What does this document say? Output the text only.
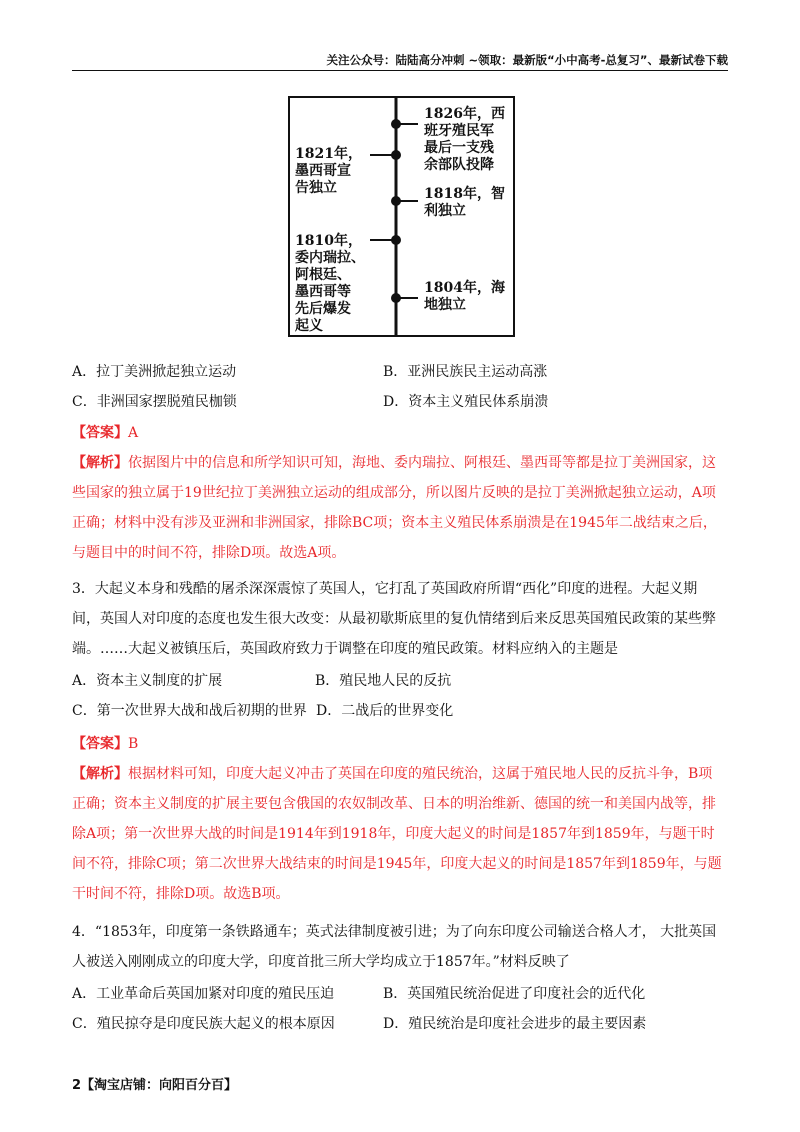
关注公众号：陆陆高分冲刺 ~领取：最新版“小中高考-总复习”、最新试卷下载
1826年，西
班牙殖民军
最后一支残
余部队投降
1818年，智
利独立
1804年，海
地独立
1821年，
墨西哥宣
告独立
1810年，
委内瑞拉、
阿根廷、
墨西哥等
先后爆发
起义
A．拉丁美洲掀起独立运动	B．亚洲民族民主运动高涨
C．非洲国家摆脱殖民枷锁	D．资本主义殖民体系崩溃
【答案】A
【解析】依据图片中的信息和所学知识可知，海地、委内瑞拉、阿根廷、墨西哥等都是拉丁美洲国家，这
些国家的独立属于19世纪拉丁美洲独立运动的组成部分，所以图片反映的是拉丁美洲掀起独立运动，A项
正确；材料中没有涉及亚洲和非洲国家，排除BC项；资本主义殖民体系崩溃是在1945年二战结束之后，
与题目中的时间不符，排除D项。故选A项。
3．大起义本身和残酷的屠杀深深震惊了英国人，它打乱了英国政府所谓“西化”印度的进程。大起义期
间，英国人对印度的态度也发生很大改变：从最初歇斯底里的复仇情绪到后来反思英国殖民政策的某些弊
端。……大起义被镇压后，英国政府致力于调整在印度的殖民政策。材料应纳入的主题是
A．资本主义制度的扩展	B．殖民地人民的反抗
C．第一次世界大战和战后初期的世界 D．二战后的世界变化
【答案】B
【解析】根据材料可知，印度大起义冲击了英国在印度的殖民统治，这属于殖民地人民的反抗斗争，B项
正确；资本主义制度的扩展主要包含俄国的农奴制改革、日本的明治维新、德国的统一和美国内战等，排
除A项；第一次世界大战的时间是1914年到1918年，印度大起义的时间是1857年到1859年，与题干时
间不符，排除C项；第二次世界大战结束的时间是1945年，印度大起义的时间是1857年到1859年，与题
干时间不符，排除D项。故选B项。
4．“1853年，印度第一条铁路通车；英式法律制度被引进；为了向东印度公司输送合格人才， 大批英国
人被送入刚刚成立的印度大学，印度首批三所大学均成立于1857年。”材料反映了
A．工业革命后英国加紧对印度的殖民压迫	B．英国殖民统治促进了印度社会的近代化
C．殖民掠夺是印度民族大起义的根本原因	D．殖民统治是印度社会进步的最主要因素
2【淘宝店铺：向阳百分百】
